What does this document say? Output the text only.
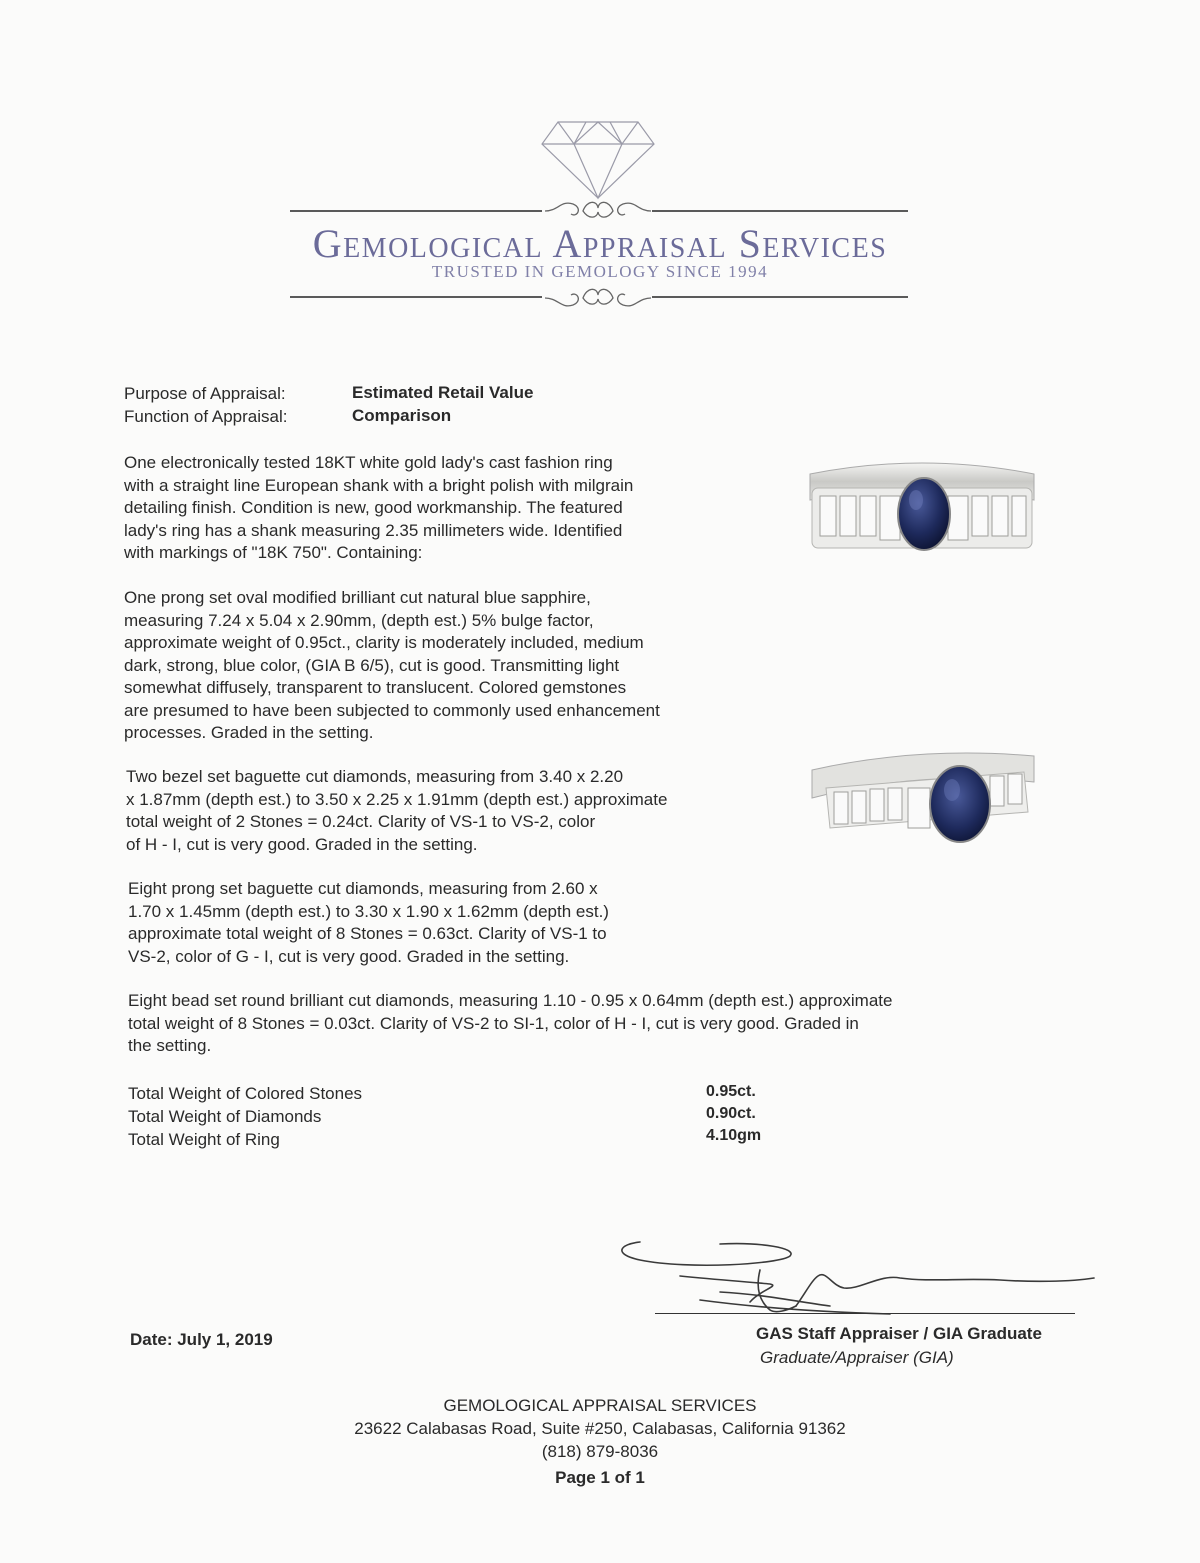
Gemological Appraisal Services
TRUSTED IN GEMOLOGY SINCE 1994
Purpose of Appraisal:	Estimated Retail Value
Function of Appraisal:	Comparison
One electronically tested 18KT white gold lady's cast fashion ring
with a straight line European shank with a bright polish with milgrain
detailing finish. Condition is new, good workmanship. The featured
lady's ring has a shank measuring 2.35 millimeters wide. Identified
with markings of "18K 750". Containing:
One prong set oval modified brilliant cut natural blue sapphire,
measuring 7.24 x 5.04 x 2.90mm, (depth est.) 5% bulge factor,
approximate weight of 0.95ct., clarity is moderately included, medium
dark, strong, blue color, (GIA B 6/5), cut is good. Transmitting light
somewhat diffusely, transparent to translucent. Colored gemstones
are presumed to have been subjected to commonly used enhancement
processes. Graded in the setting.
Two bezel set baguette cut diamonds, measuring from 3.40 x 2.20
x 1.87mm (depth est.) to 3.50 x 2.25 x 1.91mm (depth est.) approximate
total weight of 2 Stones = 0.24ct. Clarity of VS-1 to VS-2, color
of H - I, cut is very good. Graded in the setting.
Eight prong set baguette cut diamonds, measuring from 2.60 x
1.70 x 1.45mm (depth est.) to 3.30 x 1.90 x 1.62mm (depth est.)
approximate total weight of 8 Stones = 0.63ct. Clarity of VS-1 to
VS-2, color of G - I, cut is very good. Graded in the setting.
Eight bead set round brilliant cut diamonds, measuring 1.10 - 0.95 x 0.64mm (depth est.) approximate
total weight of 8 Stones = 0.03ct. Clarity of VS-2 to SI-1, color of H - I, cut is very good. Graded in
the setting.
Total Weight of Colored Stones	0.95ct.
Total Weight of Diamonds	0.90ct.
Total Weight of Ring	4.10gm
Date: July 1, 2019	GAS Staff Appraiser / GIA Graduate
Graduate/Appraiser (GIA)
GEMOLOGICAL APPRAISAL SERVICES
23622 Calabasas Road, Suite #250, Calabasas, California 91362
(818) 879-8036
Page 1 of 1
